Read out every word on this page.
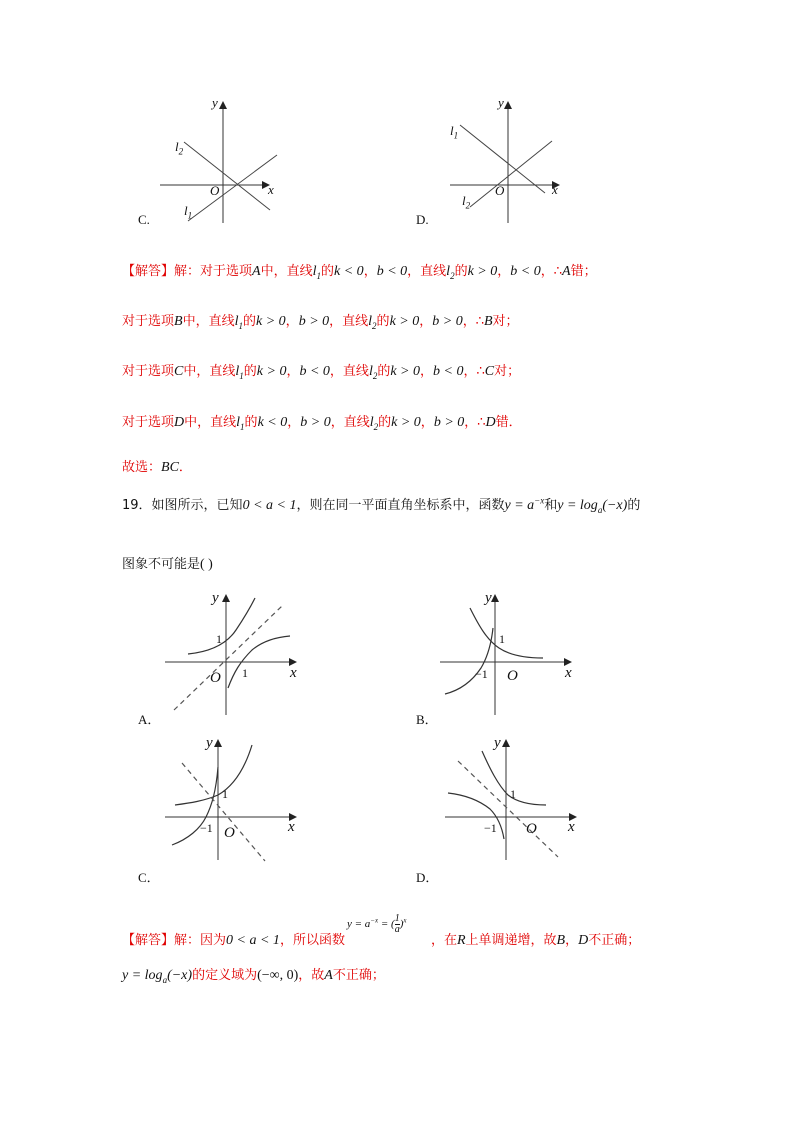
y
x
O
$l_2$
$l_1$
C.
y
x
O
$l_1$
$l_2$
D.
【解答】解：对于选项A中，直线$l_1$的k < 0，b < 0，直线$l_2$的k > 0，b < 0，∴A错；
对于选项B中，直线$l_1$的k > 0，b > 0，直线$l_2$的k > 0，b > 0，∴B对；
对于选项C中，直线$l_1$的k > 0，b < 0，直线$l_2$的k > 0，b < 0，∴C对；
对于选项D中，直线$l_1$的k < 0，b > 0，直线$l_2$的k > 0，b > 0，∴D错．
故选：BC．
19．如图所示，已知0 < a < 1，则在同一平面直角坐标系中，函数$y = a^{-x}$和$y = \log_a(-x)$的
图象不可能是( )
y
x
O
1
1
A．
y
x
O
1
−1
B．
y
x
O
1
−1
C．
y
x
O
1
−1
D．
【解答】解：因为0 < a < 1，所以函数
$y = a^{-x}$ = ( $\frac{1}{a} )^x$
，在R上单调递增，故B，D不正确；
$y = \log_a(-x)$的定义域为(−∞, 0)，故A不正确；
